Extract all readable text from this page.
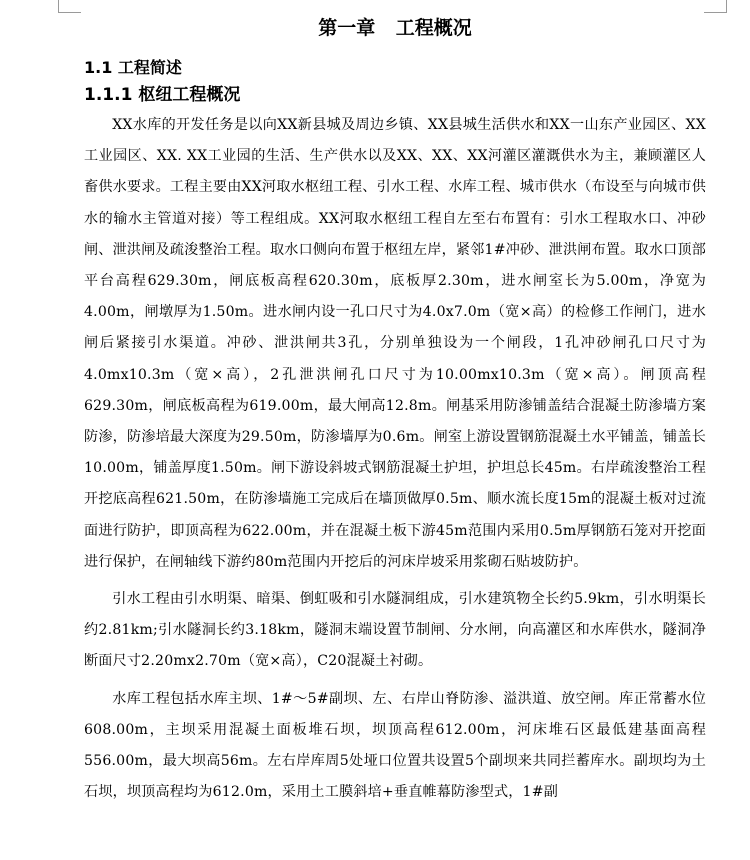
第一章 工程概况
1.1 工程简述
1.1.1 枢纽工程概况

XX水库的开发任务是以向XX新县城及周边乡镇、XX县城生活供水和XX一山东产业园区、XX工业园区、XX. XX工业园的生活、生产供水以及XX、XX、XX河灌区灌溉供水为主，兼顾灌区人畜供水要求。工程主要由XX河取水枢纽工程、引水工程、水库工程、城市供水（布设至与向城市供水的输水主管道对接）等工程组成。XX河取水枢纽工程自左至右布置有：引水工程取水口、冲砂闸、泄洪闸及疏浚整治工程。取水口侧向布置于枢纽左岸，紧邻1#冲砂、泄洪闸布置。取水口顶部平台高程629.30m，闸底板高程620.30m，底板厚2.30m，进水闸室长为5.00m，净宽为4.00m，闸墩厚为1.50m。进水闸内设一孔口尺寸为4.0x7.0m（宽×高）的检修工作闸门，进水闸后紧接引水渠道。冲砂、泄洪闸共3孔，分别单独设为一个闸段，1孔冲砂闸孔口尺寸为4.0mx10.3m（宽×高），2孔泄洪闸孔口尺寸为10.00mx10.3m（宽×高）。闸顶高程629.30m，闸底板高程为619.00m，最大闸高12.8m。闸基采用防渗铺盖结合混凝土防渗墙方案防渗，防渗培最大深度为29.50m，防渗墙厚为0.6m。闸室上游设置钢筋混凝土水平铺盖，铺盖长10.00m，铺盖厚度1.50m。闸下游设斜坡式钢筋混凝土护坦，护坦总长45m。右岸疏浚整治工程开挖底高程621.50m，在防渗墙施工完成后在墙顶做厚0.5m、顺水流长度15m的混凝土板对过流面进行防护，即顶高程为622.00m，并在混凝土板下游45m范围内采用0.5m厚钢筋石笼对开挖面进行保护，在闸轴线下游约80m范围内开挖后的河床岸坡采用浆砌石贴坡防护。

引水工程由引水明渠、暗渠、倒虹吸和引水隧洞组成，引水建筑物全长约5.9km，引水明渠长约2.81km;引水隧洞长约3.18km，隧洞末端设置节制闸、分水闸，向高灌区和水库供水，隧洞净断面尺寸2.20mx2.70m（宽×高），C20混凝土衬砌。

水库工程包括水库主坝、1#～5#副坝、左、右岸山脊防渗、溢洪道、放空闸。库正常蓄水位608.00m，主坝采用混凝土面板堆石坝，坝顶高程612.00m，河床堆石区最低建基面高程556.00m，最大坝高56m。左右岸库周5处垭口位置共设置5个副坝来共同拦蓄库水。副坝均为土石坝，坝顶高程均为612.0m，采用土工膜斜培+垂直帷幕防渗型式，1#副
